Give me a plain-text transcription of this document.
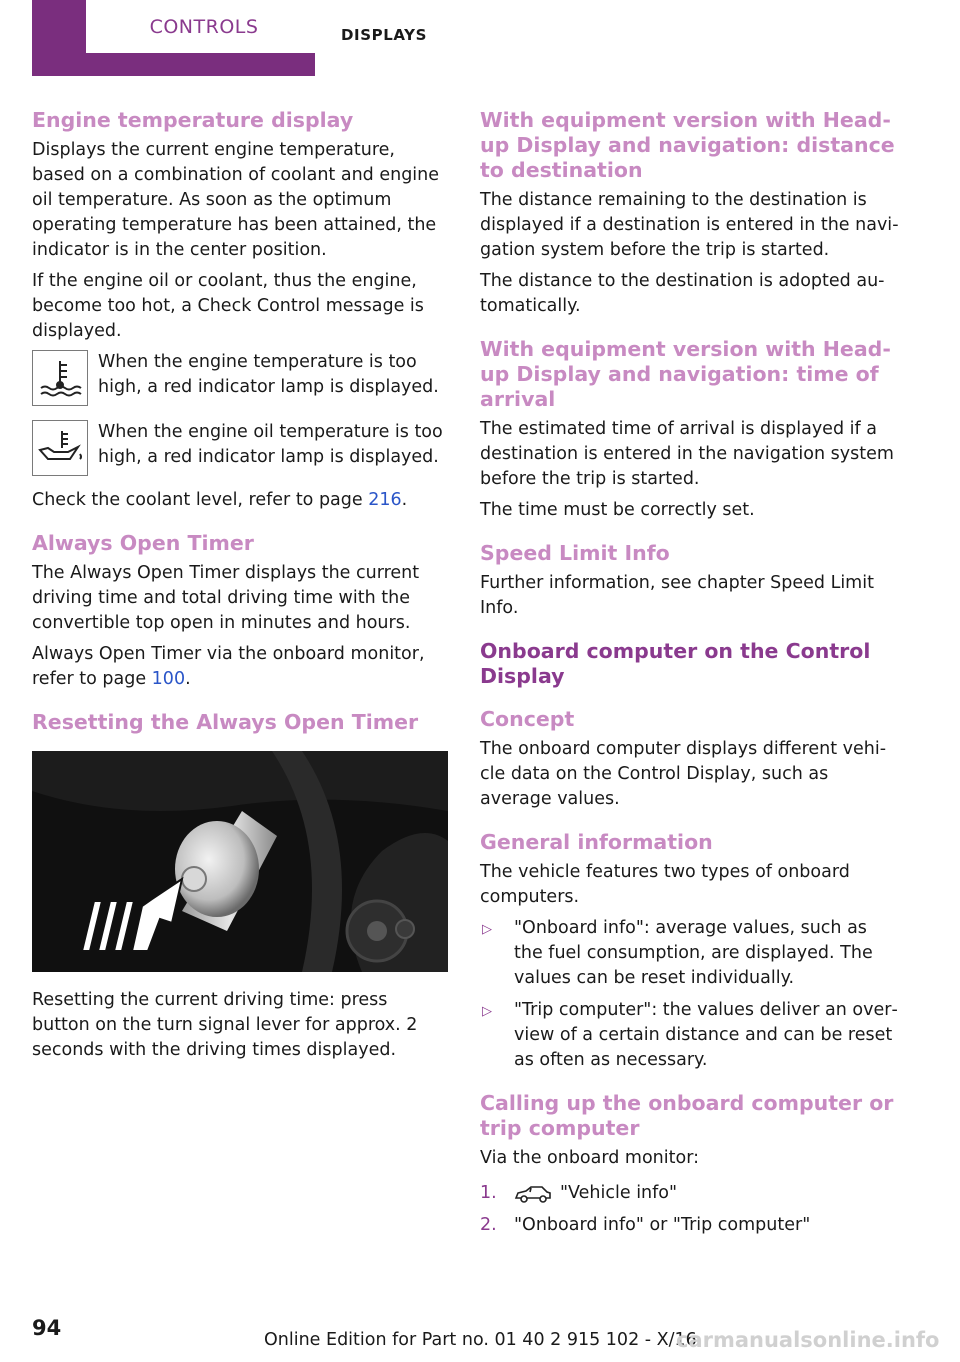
CONTROLS	DISPLAYS
Engine temperature display

Displays the current engine temperature, based on a combination of coolant and engine oil temperature. As soon as the optimum operating temperature has been attained, the indicator is in the center position.

If the engine oil or coolant, thus the engine, become too hot, a Check Control message is displayed.

When the engine temperature is too high, a red indicator lamp is displayed.
When the engine oil temperature is too high, a red indicator lamp is displayed.

Check the coolant level, refer to page 216.

Always Open Timer

The Always Open Timer displays the current driving time and total driving time with the convertible top open in minutes and hours.

Always Open Timer via the onboard monitor, refer to page 100.

Resetting the Always Open Timer

Resetting the current driving time: press button on the turn signal lever for approx. 2 seconds with the driving times displayed.

With equipment version with Head-up Display and navigation: distance to destination

The distance remaining to the destination is displayed if a destination is entered in the navigation system before the trip is started.

The distance to the destination is adopted automatically.

With equipment version with Head-up Display and navigation: time of arrival

The estimated time of arrival is displayed if a destination is entered in the navigation system before the trip is started.

The time must be correctly set.

Speed Limit Info

Further information, see chapter Speed Limit Info.

Onboard computer on the Control Display
Concept

The onboard computer displays different vehicle data on the Control Display, such as average values.

General information

The vehicle features two types of onboard computers.

▷ "Onboard info": average values, such as the fuel consumption, are displayed. The values can be reset individually.
▷ "Trip computer": the values deliver an overview of a certain distance and can be reset as often as necessary.
Calling up the onboard computer or trip computer

Via the onboard monitor:

1.	"Vehicle info"
2. "Onboard info" or "Trip computer"
94	Online Edition for Part no. 01 40 2 915 102 - X/16
carmanualsonline.info
